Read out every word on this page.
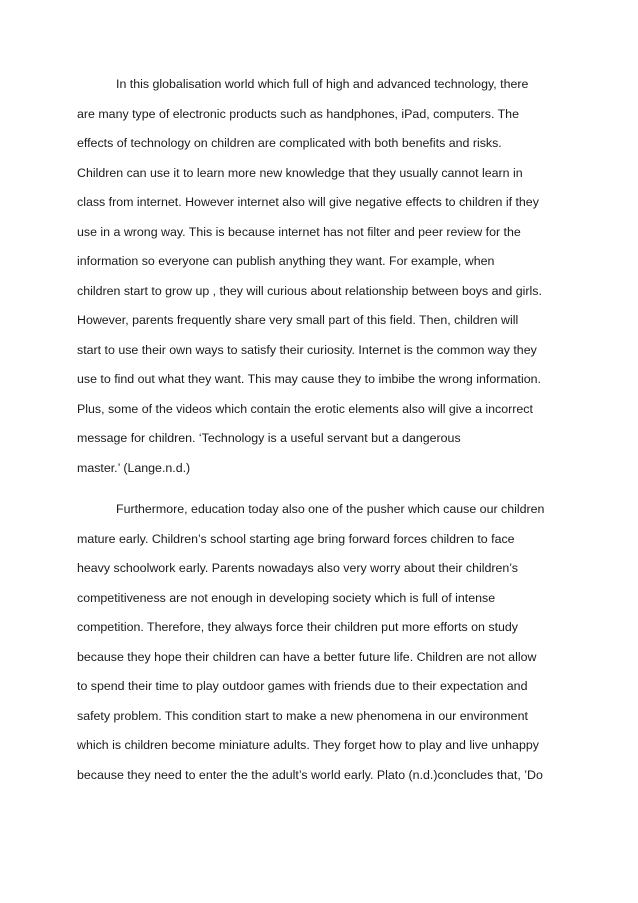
In this globalisation world which full of high and advanced technology, there
are many type of electronic products such as handphones, iPad, computers. The
effects of technology on children are complicated with both benefits and risks.
Children can use it to learn more new knowledge that they usually cannot learn in
class from internet. However internet also will give negative effects to children if they
use in a wrong way. This is because internet has not filter and peer review for the
information so everyone can publish anything they want. For example, when
children start to grow up , they will curious about relationship between boys and girls.
However, parents frequently share very small part of this field. Then, children will
start to use their own ways to satisfy their curiosity. Internet is the common way they
use to find out what they want. This may cause they to imbibe the wrong information.
Plus, some of the videos which contain the erotic elements also will give a incorrect
message for children. ‘Technology is a useful servant but a dangerous
master.’ (Lange.n.d.)
Furthermore, education today also one of the pusher which cause our children
mature early. Children’s school starting age bring forward forces children to face
heavy schoolwork early. Parents nowadays also very worry about their children’s
competitiveness are not enough in developing society which is full of intense
competition. Therefore, they always force their children put more efforts on study
because they hope their children can have a better future life. Children are not allow
to spend their time to play outdoor games with friends due to their expectation and
safety problem. This condition start to make a new phenomena in our environment
which is children become miniature adults. They forget how to play and live unhappy
because they need to enter the the adult’s world early. Plato (n.d.)concludes that, ’Do
